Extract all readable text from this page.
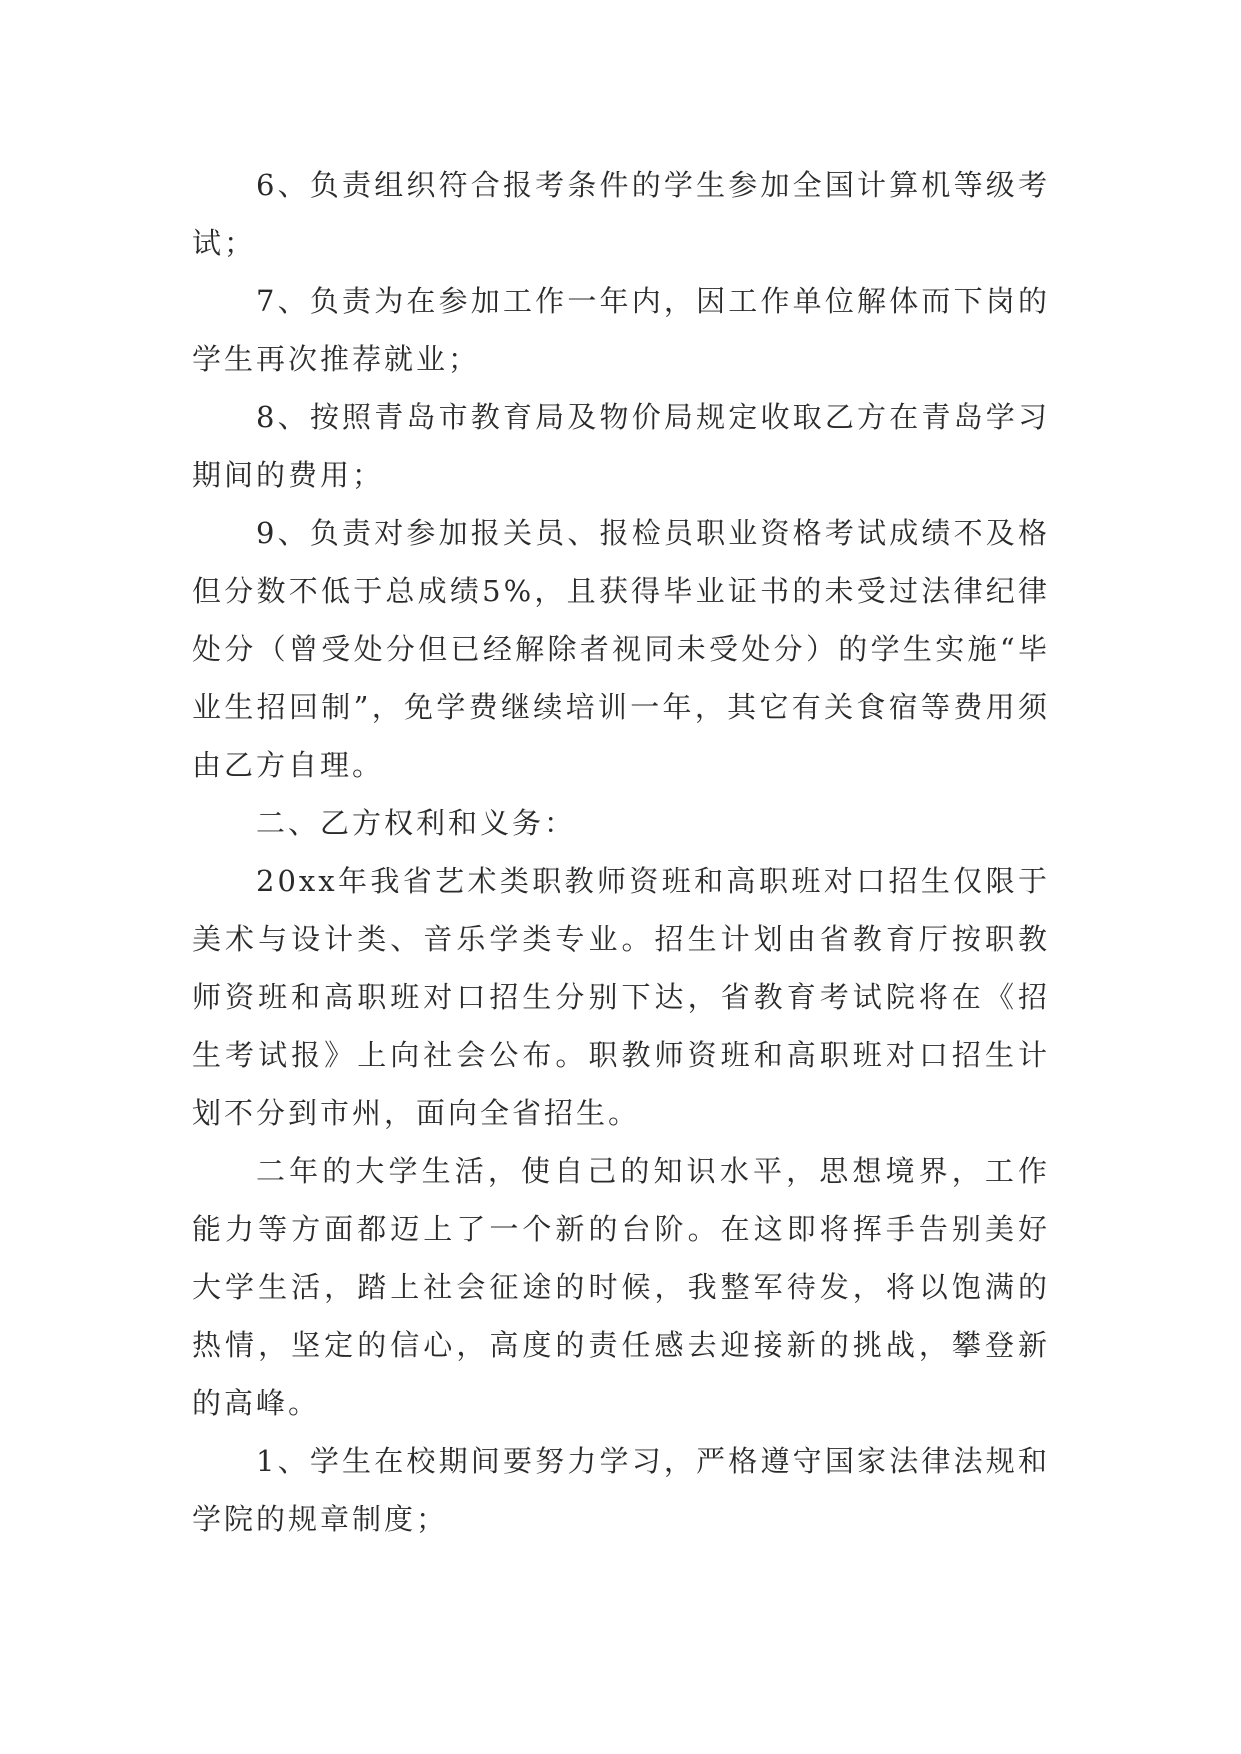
6、负责组织符合报考条件的学生参加全国计算机等级考试；

7、负责为在参加工作一年内，因工作单位解体而下岗的学生再次推荐就业；

8、按照青岛市教育局及物价局规定收取乙方在青岛学习期间的费用；

9、负责对参加报关员、报检员职业资格考试成绩不及格但分数不低于总成绩5%，且获得毕业证书的未受过法律纪律处分（曾受处分但已经解除者视同未受处分）的学生实施“毕业生招回制”，免学费继续培训一年，其它有关食宿等费用须由乙方自理。

二、乙方权利和义务：

20xx年我省艺术类职教师资班和高职班对口招生仅限于美术与设计类、音乐学类专业。招生计划由省教育厅按职教师资班和高职班对口招生分别下达，省教育考试院将在《招生考试报》上向社会公布。职教师资班和高职班对口招生计划不分到市州，面向全省招生。

二年的大学生活，使自己的知识水平，思想境界，工作能力等方面都迈上了一个新的台阶。在这即将挥手告别美好大学生活，踏上社会征途的时候，我整军待发，将以饱满的热情，坚定的信心，高度的责任感去迎接新的挑战，攀登新的高峰。

1、学生在校期间要努力学习，严格遵守国家法律法规和学院的规章制度；
